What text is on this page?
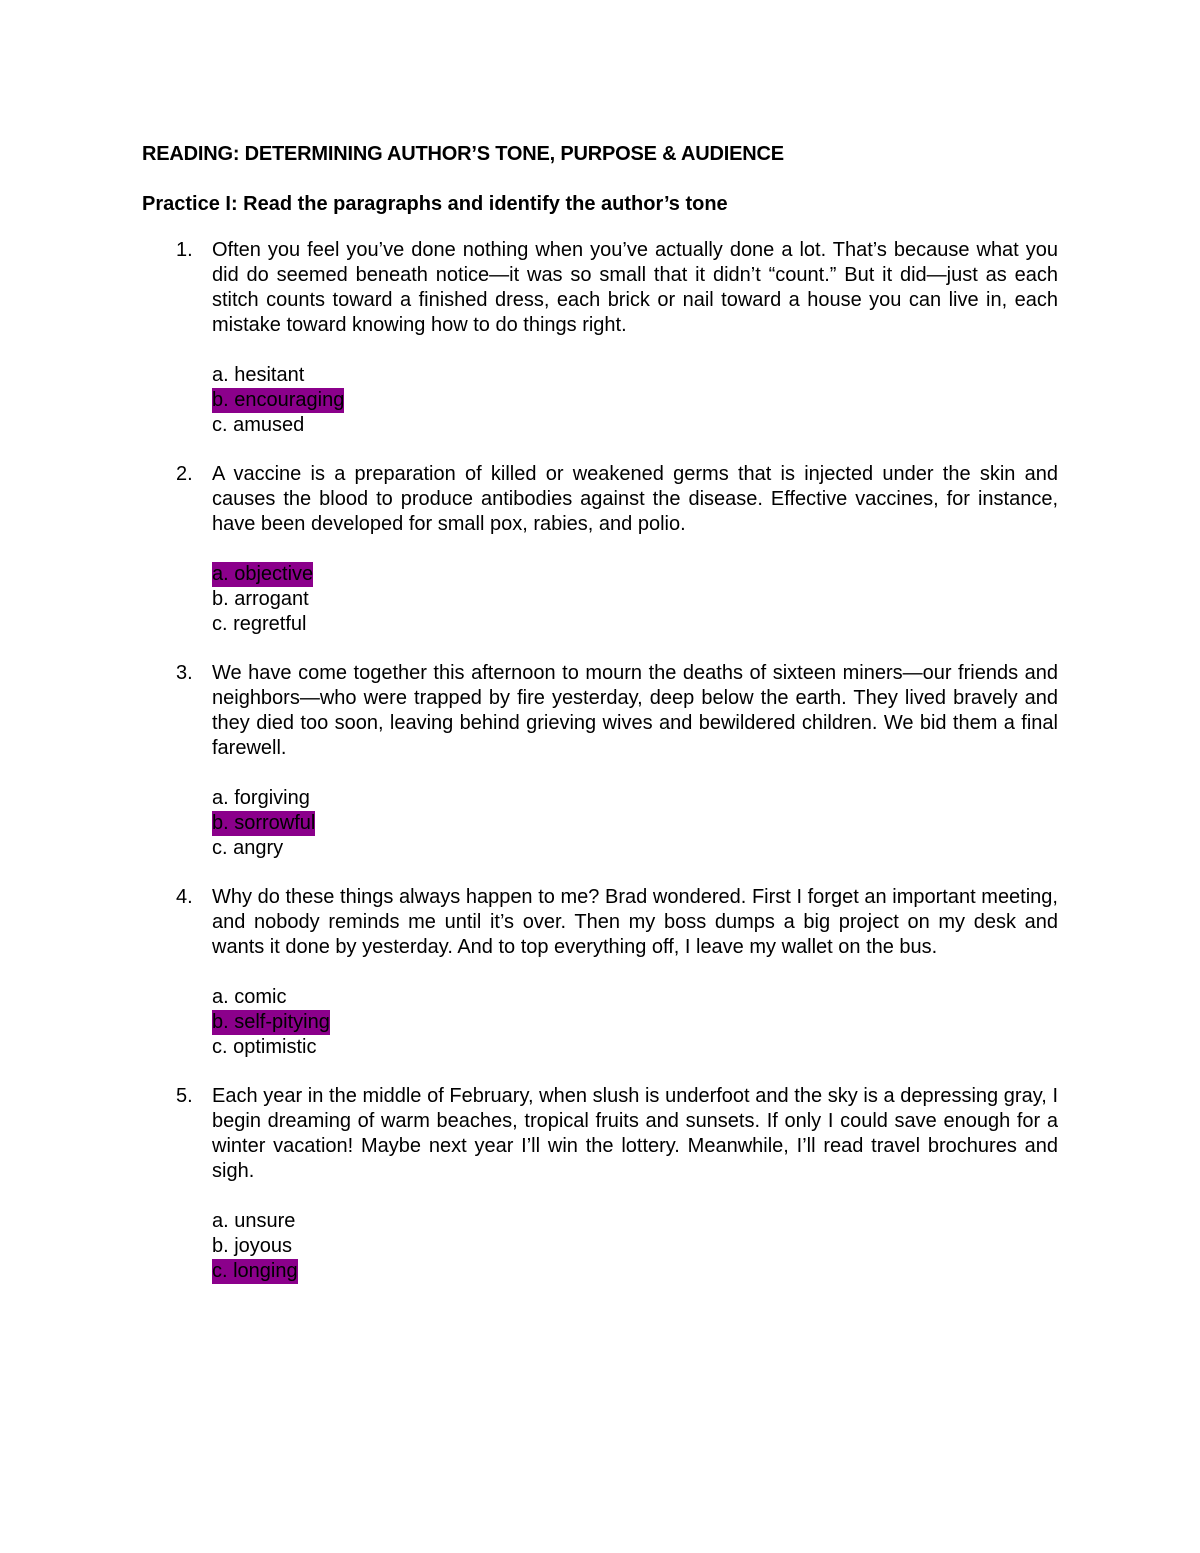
READING: DETERMINING AUTHOR’S TONE, PURPOSE & AUDIENCE
Practice I: Read the paragraphs and identify the author’s tone
1. Often you feel you’ve done nothing when you’ve actually done a lot. That’s because what you did do seemed beneath notice—it was so small that it didn’t “count.” But it did—just as each stitch counts toward a finished dress, each brick or nail toward a house you can live in, each mistake toward knowing how to do things right.

a. hesitant
b. encouraging
c. amused
2. A vaccine is a preparation of killed or weakened germs that is injected under the skin and causes the blood to produce antibodies against the disease. Effective vaccines, for instance, have been developed for small pox, rabies, and polio.

a. objective
b. arrogant
c. regretful
3. We have come together this afternoon to mourn the deaths of sixteen miners—our friends and neighbors—who were trapped by fire yesterday, deep below the earth. They lived bravely and they died too soon, leaving behind grieving wives and bewildered children. We bid them a final farewell.

a. forgiving
b. sorrowful
c. angry
4. Why do these things always happen to me? Brad wondered. First I forget an important meeting, and nobody reminds me until it’s over. Then my boss dumps a big project on my desk and wants it done by yesterday. And to top everything off, I leave my wallet on the bus.

a. comic
b. self-pitying
c. optimistic
5. Each year in the middle of February, when slush is underfoot and the sky is a depressing gray, I begin dreaming of warm beaches, tropical fruits and sunsets. If only I could save enough for a winter vacation! Maybe next year I’ll win the lottery. Meanwhile, I’ll read travel brochures and sigh.

a. unsure
b. joyous
c. longing
